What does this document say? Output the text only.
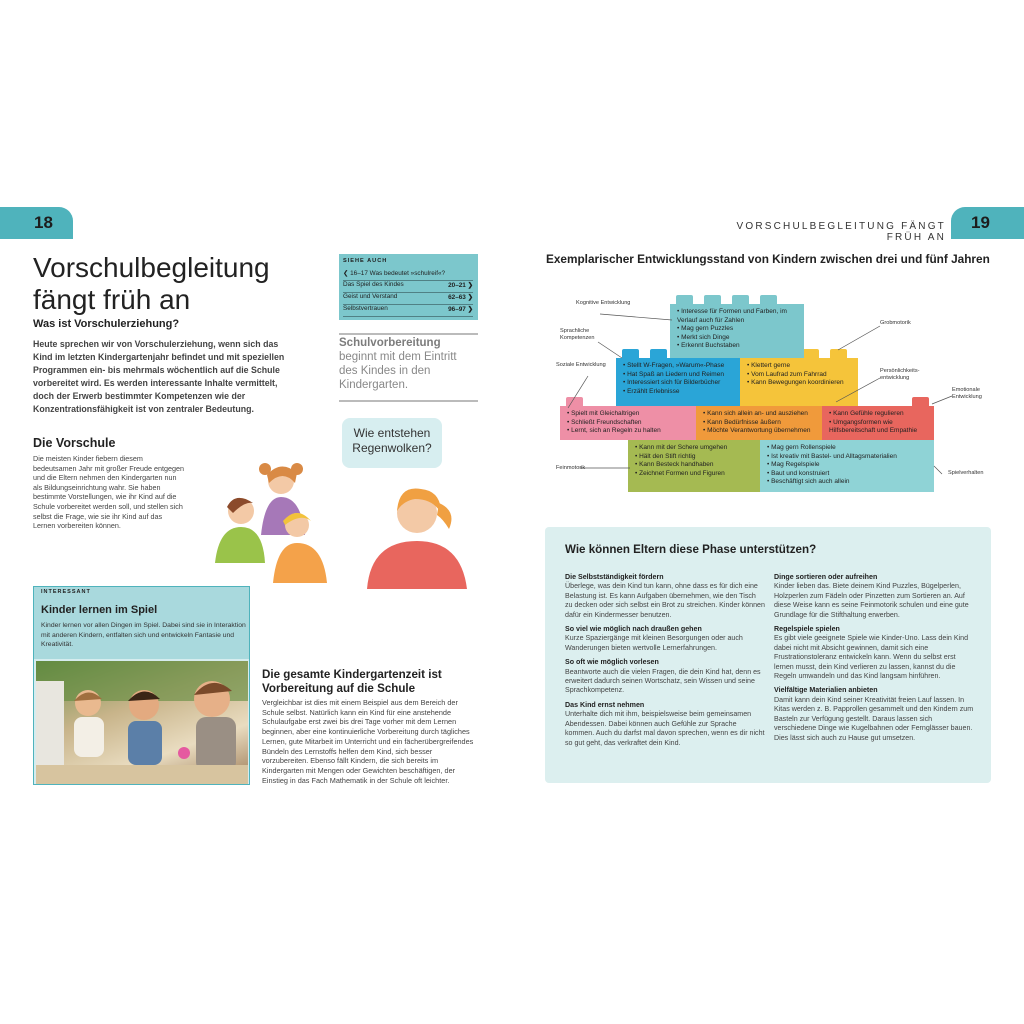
18	VORSCHULBEGLEITUNG FÄNGT FRÜH AN
19
Vorschulbegleitung fängt früh an
Was ist Vorschulerziehung?
Heute sprechen wir von Vorschulerziehung, wenn sich das Kind im letzten Kindergartenjahr befindet und mit speziellen Programmen ein- bis mehrmals wöchentlich auf die Schule vorbereitet wird. Es werden interessante Inhalte vermittelt, doch der Erwerb bestimmter Kompetenzen wie der Konzentrationsfähigkeit ist von zentraler Bedeutung.
Die Vorschule
Die meisten Kinder fiebern diesem bedeutsamen Jahr mit großer Freude entgegen und die Eltern nehmen den Kindergarten nun als Bildungseinrichtung wahr. Sie haben bestimmte Vorstellungen, wie ihr Kind auf die Schule vorbereitet werden soll, und stellen sich selbst die Frage, wie sie ihr Kind auf das Lernen vorbereiten können.
SIEHE AUCH
❮ 16–17 Was bedeutet »schulreif«?
Das Spiel des Kindes	20–21 ❯
Geist und Verstand	62–63 ❯
Selbstvertrauen	96–97 ❯
Schulvorbereitung beginnt mit dem Eintritt des Kindes in den Kindergarten.
Wie entstehen Regenwolken?
INTERESSANT
Kinder lernen im Spiel
Kinder lernen vor allen Dingen im Spiel. Dabei sind sie in Interaktion mit anderen Kindern, entfalten sich und entwickeln Fantasie und Kreativität.
Die gesamte Kindergartenzeit ist Vorbereitung auf die Schule
Vergleichbar ist dies mit einem Beispiel aus dem Bereich der Schule selbst. Natürlich kann ein Kind für eine anstehende Schulaufgabe erst zwei bis drei Tage vorher mit dem Lernen beginnen, aber eine kontinuierliche Vorbereitung durch tägliches Lernen, gute Mitarbeit im Unterricht und ein fächerübergreifendes Bündeln des Lernstoffs helfen dem Kind, sich besser vorzubereiten. Ebenso fällt Kindern, die sich bereits im Kindergarten mit Mengen oder Gewichten beschäftigen, der Einstieg in das Fach Mathematik in der Schule oft leichter.
Exemplarischer Entwicklungsstand von Kindern zwischen drei und fünf Jahren
• Interesse für Formen und Farben, im Verlauf auch für Zahlen
• Mag gern Puzzles
• Merkt sich Dinge
• Erkennt Buchstaben
• Stellt W-Fragen, »Warum«-Phase
• Hat Spaß an Liedern und Reimen
• Interessiert sich für Bilderbücher
• Erzählt Erlebnisse
• Klettert gerne
• Vom Laufrad zum Fahrrad
• Kann Bewegungen koordinieren
• Spielt mit Gleichaltrigen
• Schließt Freundschaften
• Lernt, sich an Regeln zu halten
• Kann sich allein an- und ausziehen
• Kann Bedürfnisse äußern
• Möchte Verantwortung übernehmen
• Kann Gefühle regulieren
• Umgangsformen wie Hilfsbereitschaft und Empathie
• Kann mit der Schere umgehen
• Hält den Stift richtig
• Kann Besteck handhaben
• Zeichnet Formen und Figuren
• Mag gern Rollenspiele
• Ist kreativ mit Bastel- und Alltagsmaterialien
• Mag Regelspiele
• Baut und konstruiert
• Beschäftigt sich auch allein
Kognitive Entwicklung
Sprachliche Kompetenzen
Soziale Entwicklung
Feinmotorik
Grobmotorik
Persönlichkeits-entwicklung
Emotionale Entwicklung
Spielverhalten
Wie können Eltern diese Phase unterstützen?
Die Selbstständigkeit fördern
Überlege, was dein Kind tun kann, ohne dass es für dich eine Belastung ist. Es kann Aufgaben übernehmen, wie den Tisch zu decken oder sich selbst ein Brot zu streichen. Kinder können dafür ein Kindermesser benutzen.
So viel wie möglich nach draußen gehen
Kurze Spaziergänge mit kleinen Besorgungen oder auch Wanderungen bieten wertvolle Lernerfahrungen.
So oft wie möglich vorlesen
Beantworte auch die vielen Fragen, die dein Kind hat, denn es erweitert dadurch seinen Wortschatz, sein Wissen und seine Sprachkompetenz.
Das Kind ernst nehmen
Unterhalte dich mit ihm, beispielsweise beim gemeinsamen Abendessen. Dabei können auch Gefühle zur Sprache kommen. Auch du darfst mal davon sprechen, wenn es dir nicht so gut geht, das verkraftet dein Kind.
Dinge sortieren oder aufreihen
Kinder lieben das. Biete deinem Kind Puzzles, Bügelperlen, Holzperlen zum Fädeln oder Pinzetten zum Sortieren an. Auf diese Weise kann es seine Feinmotorik schulen und eine gute Grundlage für die Stifthaltung erwerben.
Regelspiele spielen
Es gibt viele geeignete Spiele wie Kinder-Uno. Lass dein Kind dabei nicht mit Absicht gewinnen, damit sich eine Frustrationstoleranz entwickeln kann. Wenn du selbst erst lernen musst, dein Kind verlieren zu lassen, kannst du die Regeln umwandeln und das Kind langsam hinführen.
Vielfältige Materialien anbieten
Damit kann dein Kind seiner Kreativität freien Lauf lassen. In Kitas werden z. B. Papprollen gesammelt und den Kindern zum Basteln zur Verfügung gestellt. Daraus lassen sich verschiedene Dinge wie Kugelbahnen oder Fernglässer bauen. Dies lässt sich auch zu Hause gut umsetzen.
